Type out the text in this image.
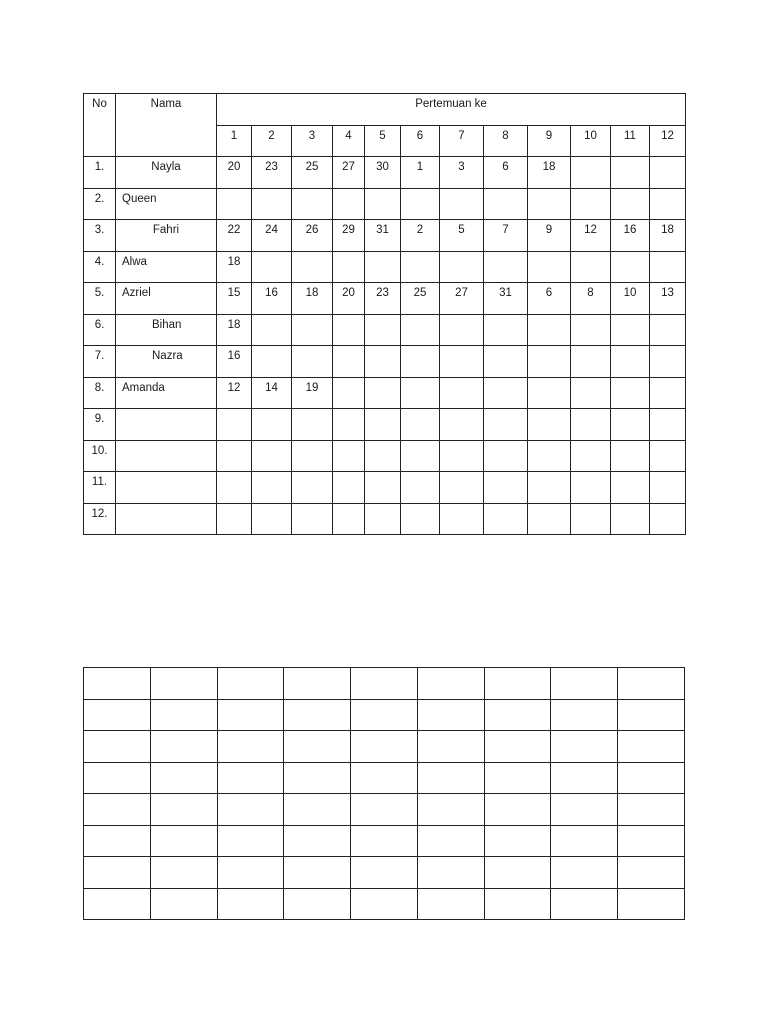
No	Nama	Pertemuan ke											

		1	2	3	4	5	6	7	8	9	10	11	12

1.	Nayla	20	23	25	27	30	1	3	6	18			

2.	Queen												

3.	Fahri	22	24	26	29	31	2	5	7	9	12	16	18

4.	Alwa	18											

5.	Azriel	15	16	18	20	23	25	27	31	6	8	10	13

6.	Bihan	18											

7.	Nazra	16											

8.	Amanda	12	14	19									

9.													

10.													

11.													

12.													
